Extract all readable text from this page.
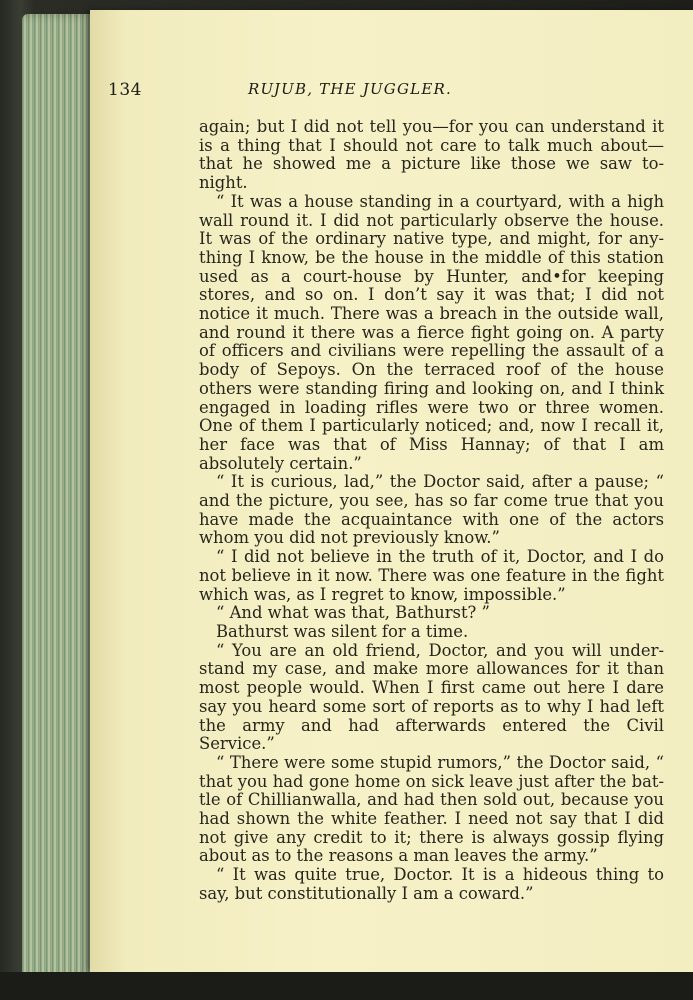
134	RUJUB, THE JUGGLER.

again; but I did not tell you—for you can understand it is a thing that I should not care to talk much about—that he showed me a picture like those we saw to-night.

“ It was a house standing in a courtyard, with a high wall round it. I did not particularly observe the house. It was of the ordinary native type, and might, for anything I know, be the house in the middle of this station used as a court-house by Hunter, and•for keeping stores, and so on. I don’t say it was that; I did not notice it much. There was a breach in the outside wall, and round it there was a fierce fight going on. A party of officers and civilians were repelling the assault of a body of Sepoys. On the terraced roof of the house others were standing firing and looking on, and I think engaged in loading rifles were two or three women. One of them I particularly noticed; and, now I recall it, her face was that of Miss Hannay; of that I am absolutely certain.”

“ It is curious, lad,” the Doctor said, after a pause; “ and the picture, you see, has so far come true that you have made the acquaintance with one of the actors whom you did not previously know.”

“ I did not believe in the truth of it, Doctor, and I do not believe in it now. There was one feature in the fight which was, as I regret to know, impossible.”

“ And what was that, Bathurst? ”

Bathurst was silent for a time.

“ You are an old friend, Doctor, and you will understand my case, and make more allowances for it than most people would. When I first came out here I dare say you heard some sort of reports as to why I had left the army and had afterwards entered the Civil Service.”

“ There were some stupid rumors,” the Doctor said, “ that you had gone home on sick leave just after the battle of Chillianwalla, and had then sold out, because you had shown the white feather. I need not say that I did not give any credit to it; there is always gossip flying about as to the reasons a man leaves the army.”

“ It was quite true, Doctor. It is a hideous thing to say, but constitutionally I am a coward.”
